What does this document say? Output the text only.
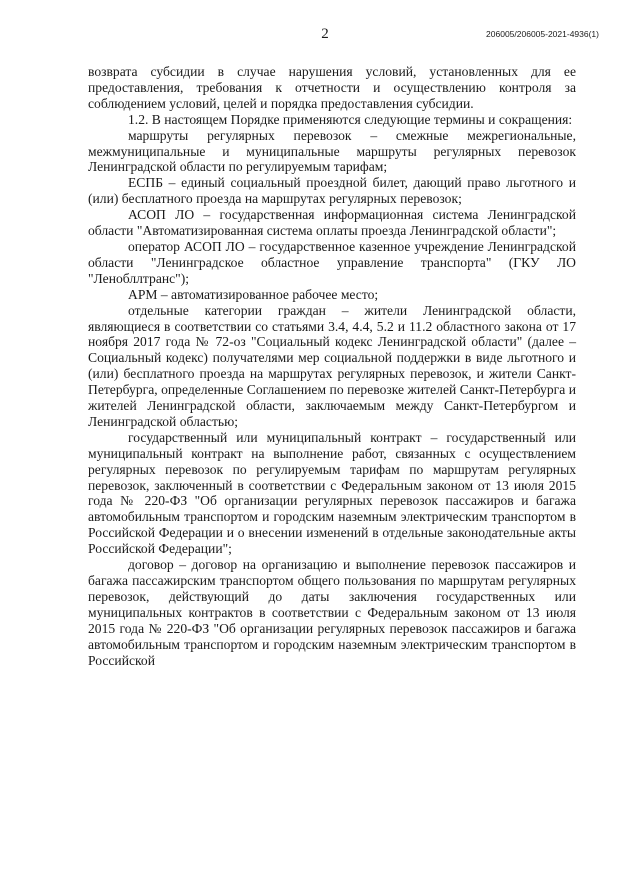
2	206005/206005-2021-4936(1)

возврата субсидии в случае нарушения условий, установленных для ее предоставления, требования к отчетности и осуществлению контроля за соблюдением условий, целей и порядка предоставления субсидии.

1.2. В настоящем Порядке применяются следующие термины и сокращения:

маршруты регулярных перевозок – смежные межрегиональные, межмуниципальные и муниципальные маршруты регулярных перевозок Ленинградской области по регулируемым тарифам;

ЕСПБ – единый социальный проездной билет, дающий право льготного и (или) бесплатного проезда на маршрутах регулярных перевозок;

АСОП ЛО – государственная информационная система Ленинградской области "Автоматизированная система оплаты проезда Ленинградской области";

оператор АСОП ЛО – государственное казенное учреждение Ленинградской области "Ленинградское областное управление транспорта" (ГКУ ЛО "Ленобллтранс");

АРМ – автоматизированное рабочее место;

отдельные категории граждан – жители Ленинградской области, являющиеся в соответствии со статьями 3.4, 4.4, 5.2 и 11.2 областного закона от 17 ноября 2017 года № 72-оз "Социальный кодекс Ленинградской области" (далее – Социальный кодекс) получателями мер социальной поддержки в виде льготного и (или) бесплатного проезда на маршрутах регулярных перевозок, и жители Санкт-Петербурга, определенные Соглашением по перевозке жителей Санкт-Петербурга и жителей Ленинградской области, заключаемым между Санкт-Петербургом и Ленинградской областью;

государственный или муниципальный контракт – государственный или муниципальный контракт на выполнение работ, связанных с осуществлением регулярных перевозок по регулируемым тарифам по маршрутам регулярных перевозок, заключенный в соответствии с Федеральным законом от 13 июля 2015 года № 220-ФЗ "Об организации регулярных перевозок пассажиров и багажа автомобильным транспортом и городским наземным электрическим транспортом в Российской Федерации и о внесении изменений в отдельные законодательные акты Российской Федерации";

договор – договор на организацию и выполнение перевозок пассажиров и багажа пассажирским транспортом общего пользования по маршрутам регулярных перевозок, действующий до даты заключения государственных или муниципальных контрактов в соответствии с Федеральным законом от 13 июля 2015 года № 220-ФЗ "Об организации регулярных перевозок пассажиров и багажа автомобильным транспортом и городским наземным электрическим транспортом в Российской
